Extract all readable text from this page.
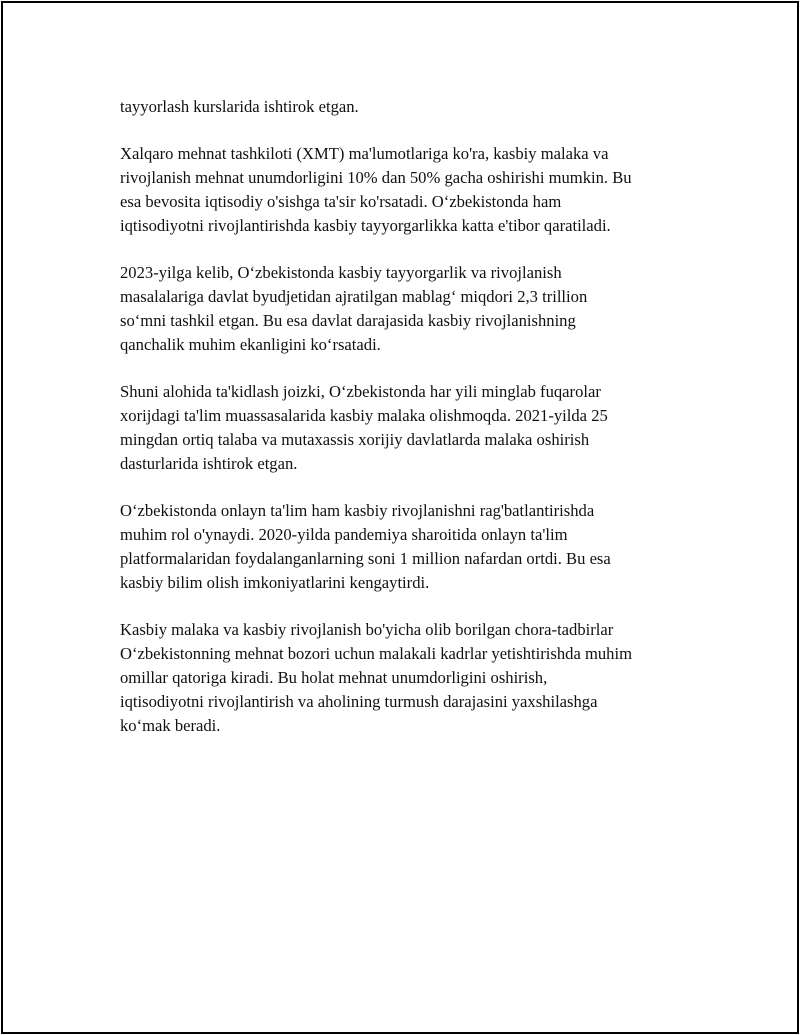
tayyorlash kurslarida ishtirok etgan.

Xalqaro mehnat tashkiloti (XMT) ma'lumotlariga ko'ra, kasbiy malaka va
rivojlanish mehnat unumdorligini 10% dan 50% gacha oshirishi mumkin. Bu
esa bevosita iqtisodiy o'sishga ta'sir ko'rsatadi. O‘zbekistonda ham
iqtisodiyotni rivojlantirishda kasbiy tayyorgarlikka katta e'tibor qaratiladi.

2023-yilga kelib, O‘zbekistonda kasbiy tayyorgarlik va rivojlanish
masalalariga davlat byudjetidan ajratilgan mablag‘ miqdori 2,3 trillion
so‘mni tashkil etgan. Bu esa davlat darajasida kasbiy rivojlanishning
qanchalik muhim ekanligini ko‘rsatadi.

Shuni alohida ta'kidlash joizki, O‘zbekistonda har yili minglab fuqarolar
xorijdagi ta'lim muassasalarida kasbiy malaka olishmoqda. 2021-yilda 25
mingdan ortiq talaba va mutaxassis xorijiy davlatlarda malaka oshirish
dasturlarida ishtirok etgan.

O‘zbekistonda onlayn ta'lim ham kasbiy rivojlanishni rag'batlantirishda
muhim rol o'ynaydi. 2020-yilda pandemiya sharoitida onlayn ta'lim
platformalaridan foydalanganlarning soni 1 million nafardan ortdi. Bu esa
kasbiy bilim olish imkoniyatlarini kengaytirdi.

Kasbiy malaka va kasbiy rivojlanish bo'yicha olib borilgan chora-tadbirlar
O‘zbekistonning mehnat bozori uchun malakali kadrlar yetishtirishda muhim
omillar qatoriga kiradi. Bu holat mehnat unumdorligini oshirish,
iqtisodiyotni rivojlantirish va aholining turmush darajasini yaxshilashga
ko‘mak beradi.
